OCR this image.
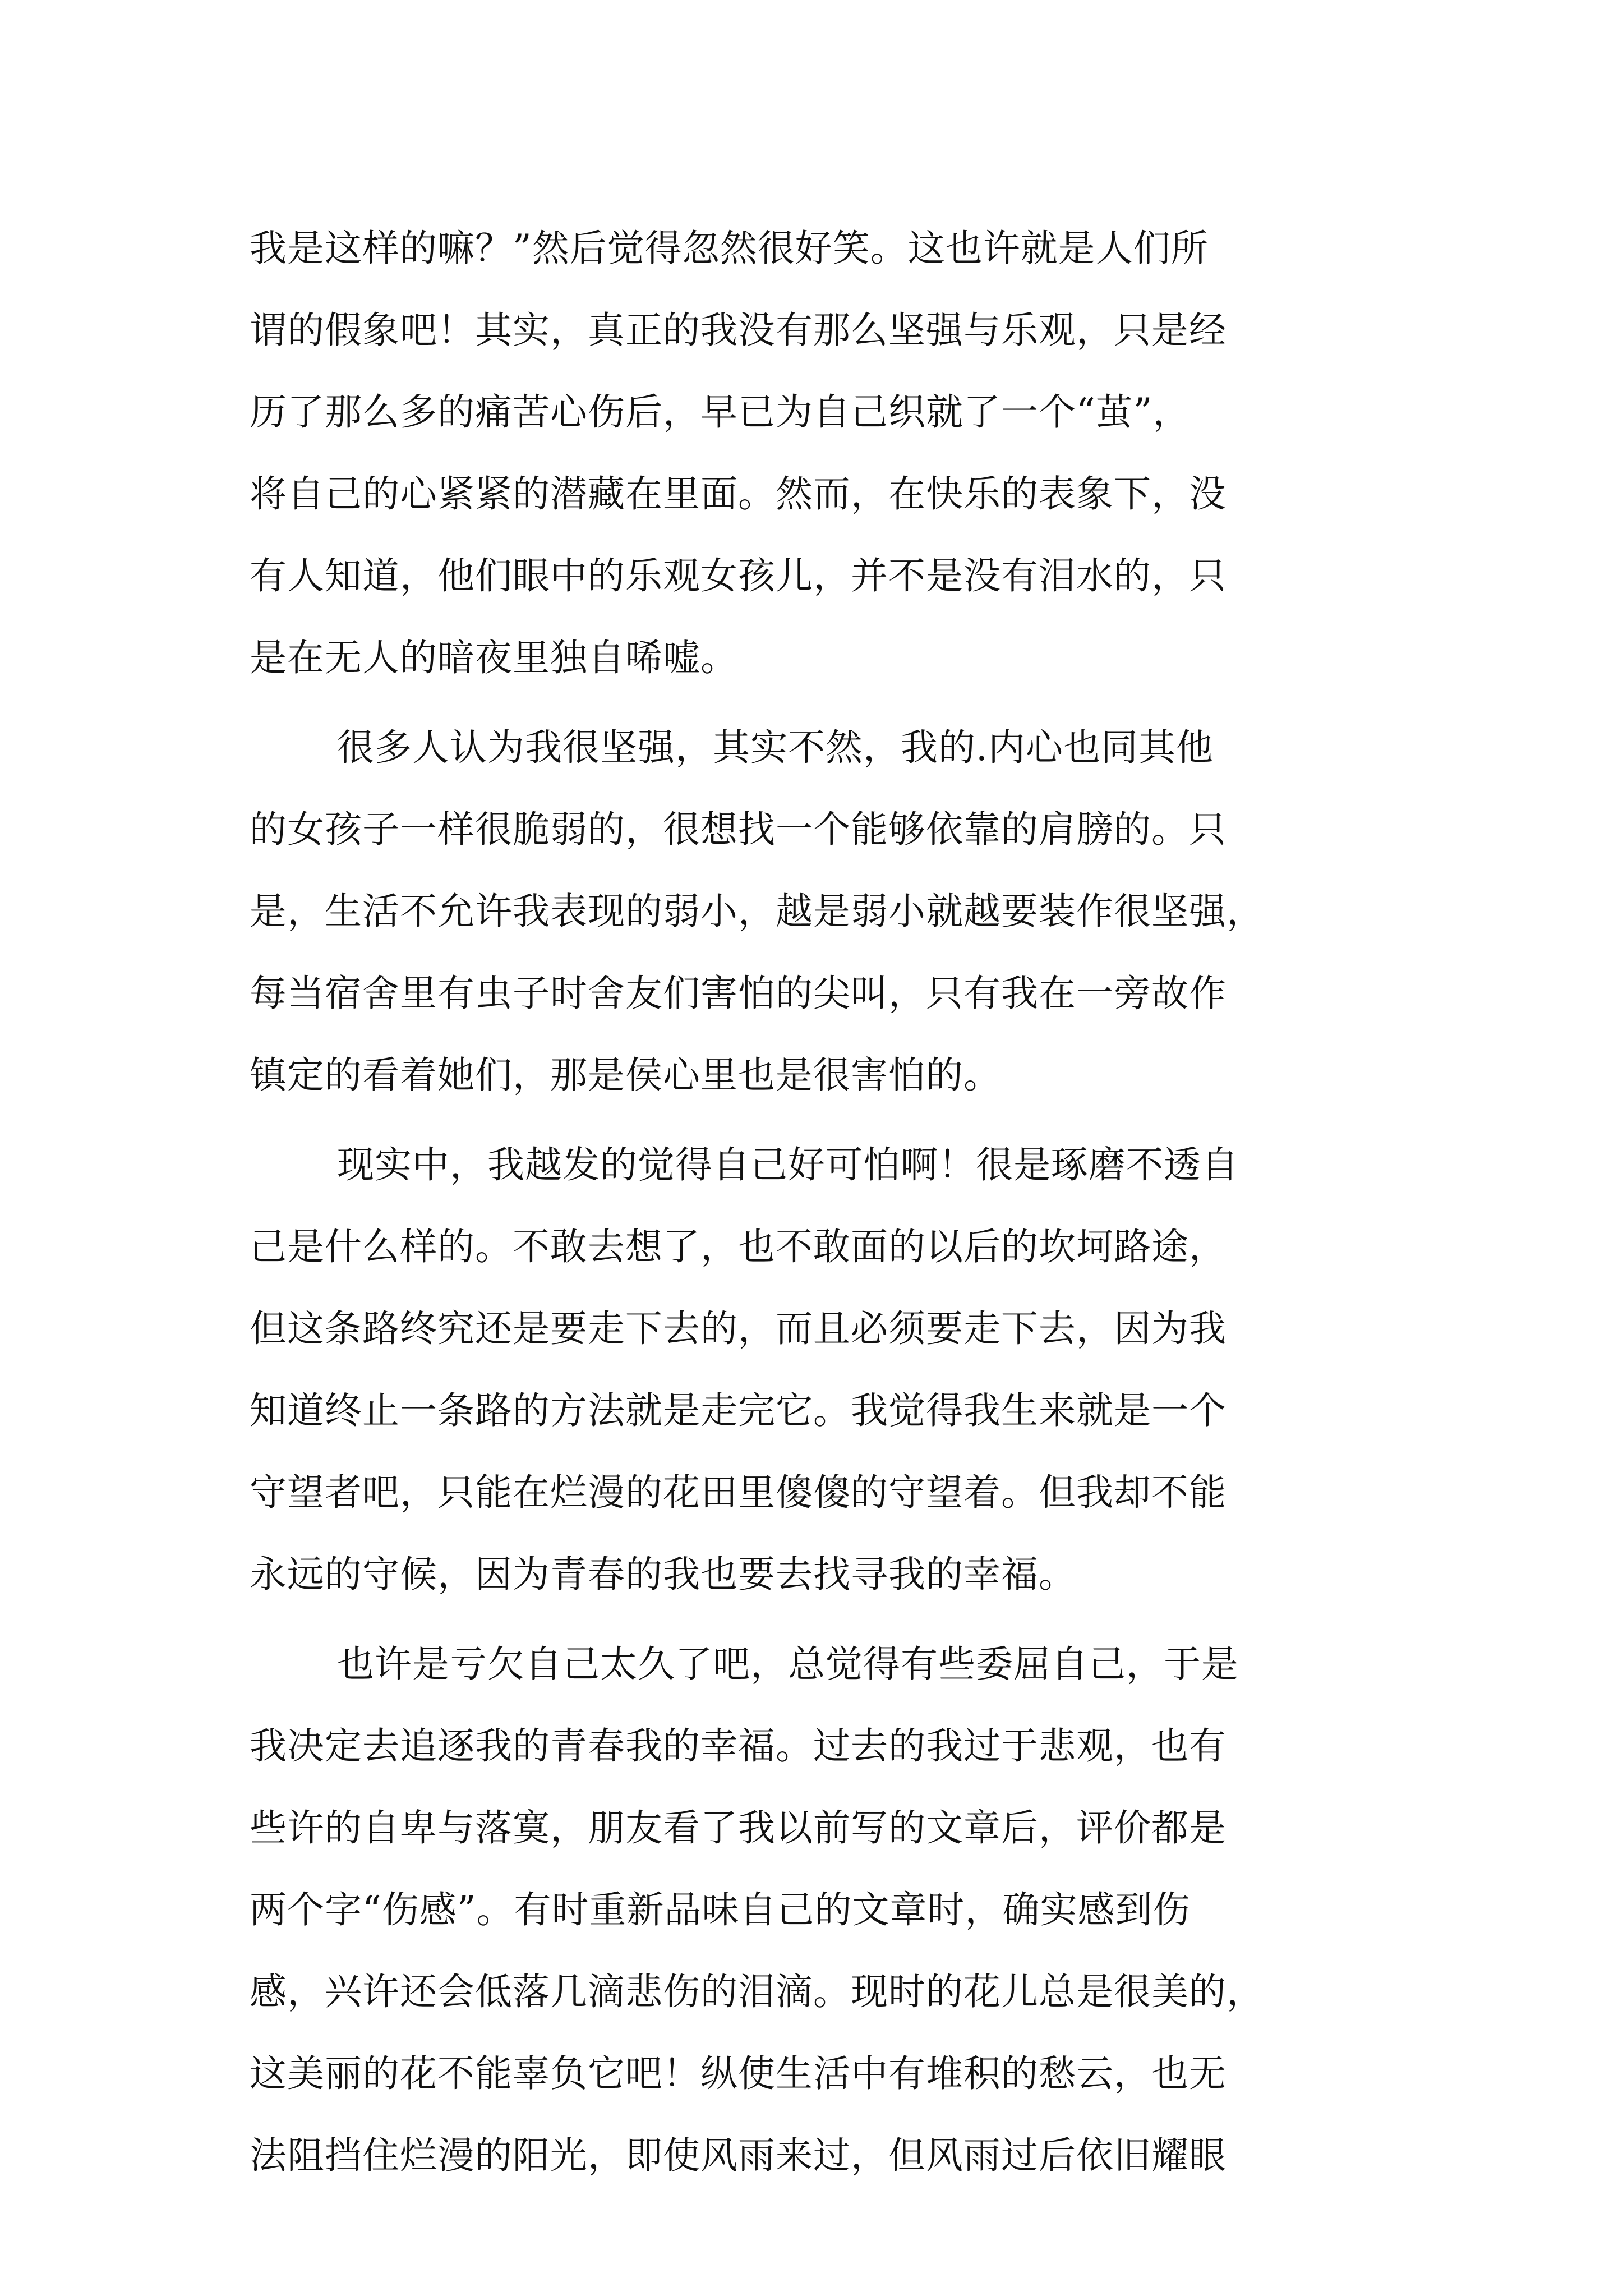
我是这样的嘛？”然后觉得忽然很好笑。这也许就是人们所
谓的假象吧！其实，真正的我没有那么坚强与乐观，只是经
历了那么多的痛苦心伤后，早已为自己织就了一个“茧”，
将自己的心紧紧的潜藏在里面。然而，在快乐的表象下，没
有人知道，他们眼中的乐观女孩儿，并不是没有泪水的，只
是在无人的暗夜里独自唏嘘。
很多人认为我很坚强，其实不然，我的.内心也同其他
的女孩子一样很脆弱的，很想找一个能够依靠的肩膀的。只
是，生活不允许我表现的弱小，越是弱小就越要装作很坚强，
每当宿舍里有虫子时舍友们害怕的尖叫，只有我在一旁故作
镇定的看着她们，那是侯心里也是很害怕的。
现实中，我越发的觉得自己好可怕啊！很是琢磨不透自
己是什么样的。不敢去想了，也不敢面的以后的坎坷路途，
但这条路终究还是要走下去的，而且必须要走下去，因为我
知道终止一条路的方法就是走完它。我觉得我生来就是一个
守望者吧，只能在烂漫的花田里傻傻的守望着。但我却不能
永远的守候，因为青春的我也要去找寻我的幸福。
也许是亏欠自己太久了吧，总觉得有些委屈自己，于是
我决定去追逐我的青春我的幸福。过去的我过于悲观，也有
些许的自卑与落寞，朋友看了我以前写的文章后，评价都是
两个字“伤感”。有时重新品味自己的文章时，确实感到伤
感，兴许还会低落几滴悲伤的泪滴。现时的花儿总是很美的，
这美丽的花不能辜负它吧！纵使生活中有堆积的愁云，也无
法阻挡住烂漫的阳光，即使风雨来过，但风雨过后依旧耀眼
